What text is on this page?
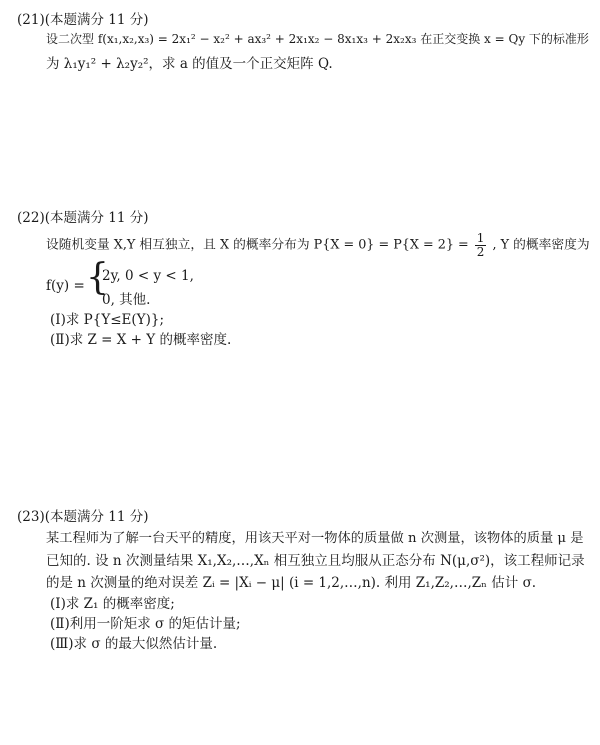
(21)(本题满分 11 分)
设二次型 f(x₁,x₂,x₃) = 2x₁² − x₂² + ax₃² + 2x₁x₂ − 8x₁x₃ + 2x₂x₃ 在正交变换 x = Qy 下的标准形
为 λ₁y₁² + λ₂y₂²，求 a 的值及一个正交矩阵 Q.
(22)(本题满分 11 分)
设随机变量 X,Y 相互独立，且 X 的概率分布为 $P\{X = 0\} = P\{X = 2\} = \frac{1}{2}$ , Y 的概率密度为
f(y) = {
2y, 0 < y < 1,
0, 其他.
(Ⅰ)求 P{Y≤E(Y)};
(Ⅱ)求 Z = X + Y 的概率密度.
(23)(本题满分 11 分)
某工程师为了解一台天平的精度，用该天平对一物体的质量做 n 次测量，该物体的质量 μ 是
已知的. 设 n 次测量结果 X₁,X₂,…,Xₙ 相互独立且均服从正态分布 N(μ,σ²)，该工程师记录
的是 n 次测量的绝对误差 Zᵢ = |Xᵢ − μ| (i = 1,2,…,n). 利用 Z₁,Z₂,…,Zₙ 估计 σ.
(Ⅰ)求 Z₁ 的概率密度;
(Ⅱ)利用一阶矩求 σ 的矩估计量;
(Ⅲ)求 σ 的最大似然估计量.
